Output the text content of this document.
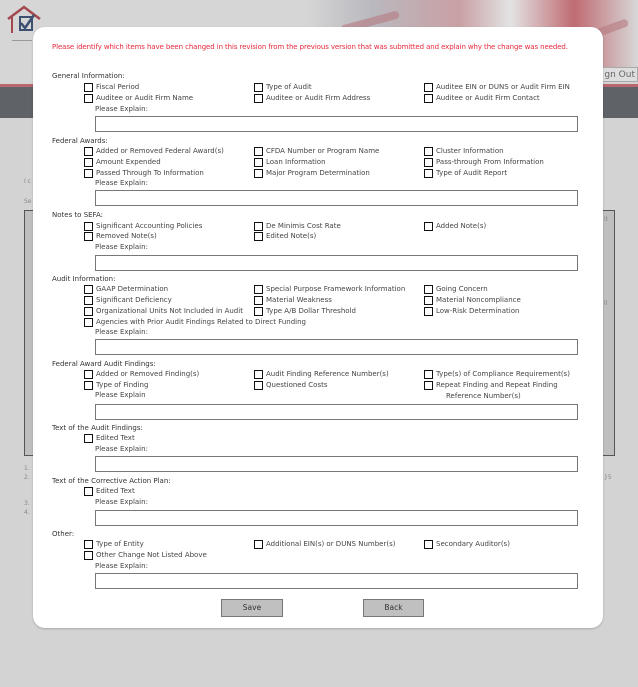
gn Out
I c
Se
1.
2.
3.
4.
it
ll
}5
Please identify which items have been changed in this revision from the previous version that was submitted and explain why the change was needed.
General Information:
Fiscal Period	Type of Audit	Auditee EIN or DUNS or Audit Firm EIN
Auditee or Audit Firm Name	Auditee or Audit Firm Address	Auditee or Audit Firm Contact
Please Explain:
Federal Awards:
Added or Removed Federal Award(s)	CFDA Number or Program Name	Cluster Information
Amount Expended	Loan Information	Pass-through From Information
Passed Through To Information	Major Program Determination	Type of Audit Report
Please Explain:
Notes to SEFA:
Significant Accounting Policies	De Minimis Cost Rate	Added Note(s)
Removed Note(s)	Edited Note(s)
Please Explain:
Audit Information:
GAAP Determination	Special Purpose Framework Information	Going Concern
Significant Deficiency	Material Weakness	Material Noncompliance
Organizational Units Not Included in Audit	Type A/B Dollar Threshold	Low-Risk Determination
Agencies with Prior Audit Findings Related to Direct Funding
Please Explain:
Federal Award Audit Findings:
Added or Removed Finding(s)	Audit Finding Reference Number(s)	Type(s) of Compliance Requirement(s)
Type of Finding	Questioned Costs	Repeat Finding and Repeat Finding
Reference Number(s)
Please Explain
Text of the Audit Findings:
Edited Text
Please Explain:
Text of the Corrective Action Plan:
Edited Text
Please Explain:
Other:
Type of Entity	Additional EIN(s) or DUNS Number(s)	Secondary Auditor(s)
Other Change Not Listed Above
Please Explain:
Save	Back
